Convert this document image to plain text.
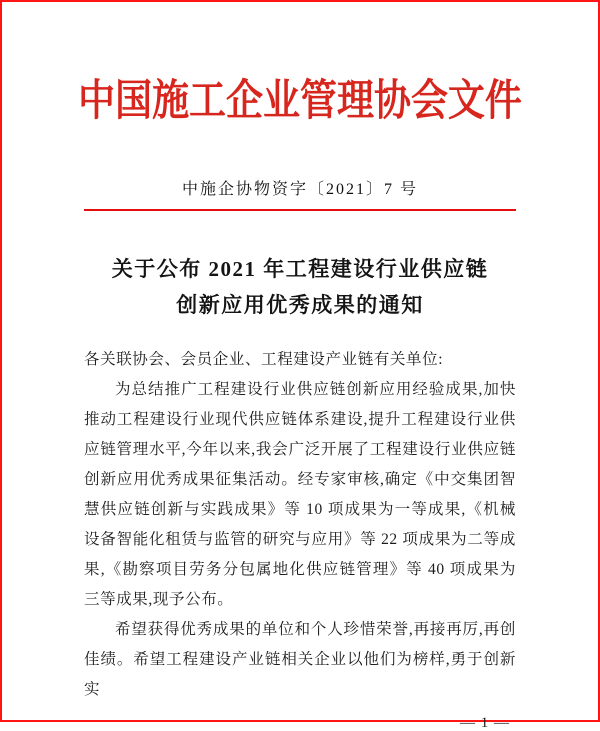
中国施工企业管理协会文件
中施企协物资字〔2021〕7 号
关于公布 2021 年工程建设行业供应链
创新应用优秀成果的通知

各关联协会、会员企业、工程建设产业链有关单位:

为总结推广工程建设行业供应链创新应用经验成果,加快推动工程建设行业现代供应链体系建设,提升工程建设行业供应链管理水平,今年以来,我会广泛开展了工程建设行业供应链创新应用优秀成果征集活动。经专家审核,确定《中交集团智慧供应链创新与实践成果》等 10 项成果为一等成果,《机械设备智能化租赁与监管的研究与应用》等 22 项成果为二等成果,《勘察项目劳务分包属地化供应链管理》等 40 项成果为三等成果,现予公布。

希望获得优秀成果的单位和个人珍惜荣誉,再接再厉,再创佳绩。希望工程建设产业链相关企业以他们为榜样,勇于创新实

— 1 —
